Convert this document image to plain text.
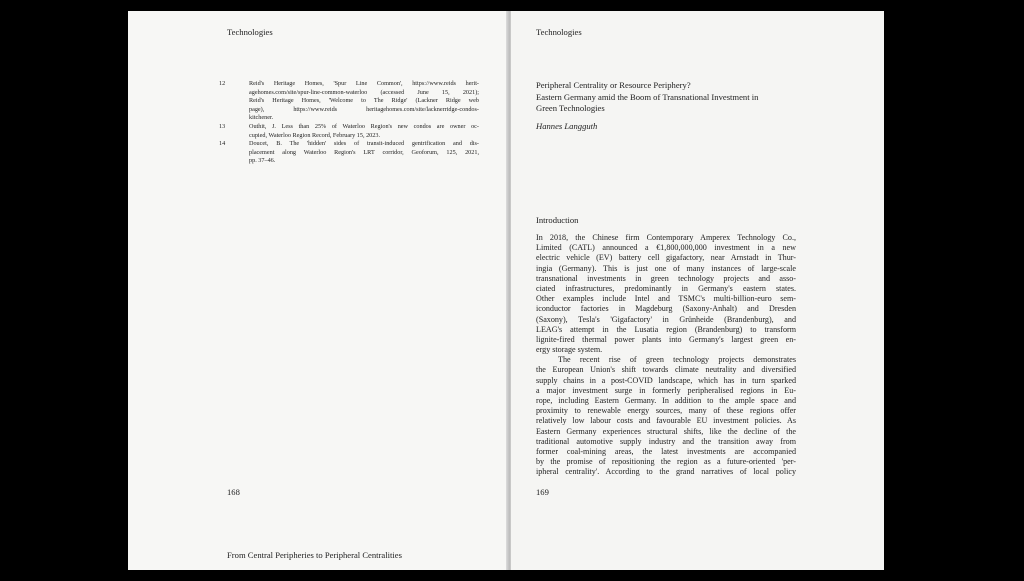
Technologies
12	Reid's Heritage Homes, 'Spur Line Common', https://www.reids herit-
agehomes.com/site/spur-line-common-waterloo (accessed June 15, 2021);
Reid's Heritage Homes, 'Welcome to The Ridge' (Lackner Ridge web
page), https://www.reids heritagehomes.com/site/lacknerridge-condos-
kitchener.
13	Outhit, J. Less than 25% of Waterloo Region's new condos are owner oc-
cupied, Waterloo Region Record, February 15, 2023.
14	Doucet, B. The 'hidden' sides of transit-induced gentrification and dis-
placement along Waterloo Region's LRT corridor, Geoforum, 125, 2021,
pp. 37–46.
168
From Central Peripheries to Peripheral Centralities
Technologies
Peripheral Centrality or Resource Periphery?
Eastern Germany amid the Boom of Transnational Investment in
Green Technologies
Hannes Langguth
Introduction
In 2018, the Chinese firm Contemporary Amperex Technology Co.,
Limited (CATL) announced a €1,800,000,000 investment in a new
electric vehicle (EV) battery cell gigafactory, near Arnstadt in Thur-
ingia (Germany). This is just one of many instances of large-scale
transnational investments in green technology projects and asso-
ciated infrastructures, predominantly in Germany's eastern states.
Other examples include Intel and TSMC's multi-billion-euro sem-
iconductor factories in Magdeburg (Saxony-Anhalt) and Dresden
(Saxony), Tesla's 'Gigafactory' in Grünheide (Brandenburg), and
LEAG's attempt in the Lusatia region (Brandenburg) to transform
lignite-fired thermal power plants into Germany's largest green en-
ergy storage system.
The recent rise of green technology projects demonstrates
the European Union's shift towards climate neutrality and diversified
supply chains in a post-COVID landscape, which has in turn sparked
a major investment surge in formerly peripheralised regions in Eu-
rope, including Eastern Germany. In addition to the ample space and
proximity to renewable energy sources, many of these regions offer
relatively low labour costs and favourable EU investment policies. As
Eastern Germany experiences structural shifts, like the decline of the
traditional automotive supply industry and the transition away from
former coal-mining areas, the latest investments are accompanied
by the promise of repositioning the region as a future-oriented 'per-
ipheral centrality'. According to the grand narratives of local policy
169
